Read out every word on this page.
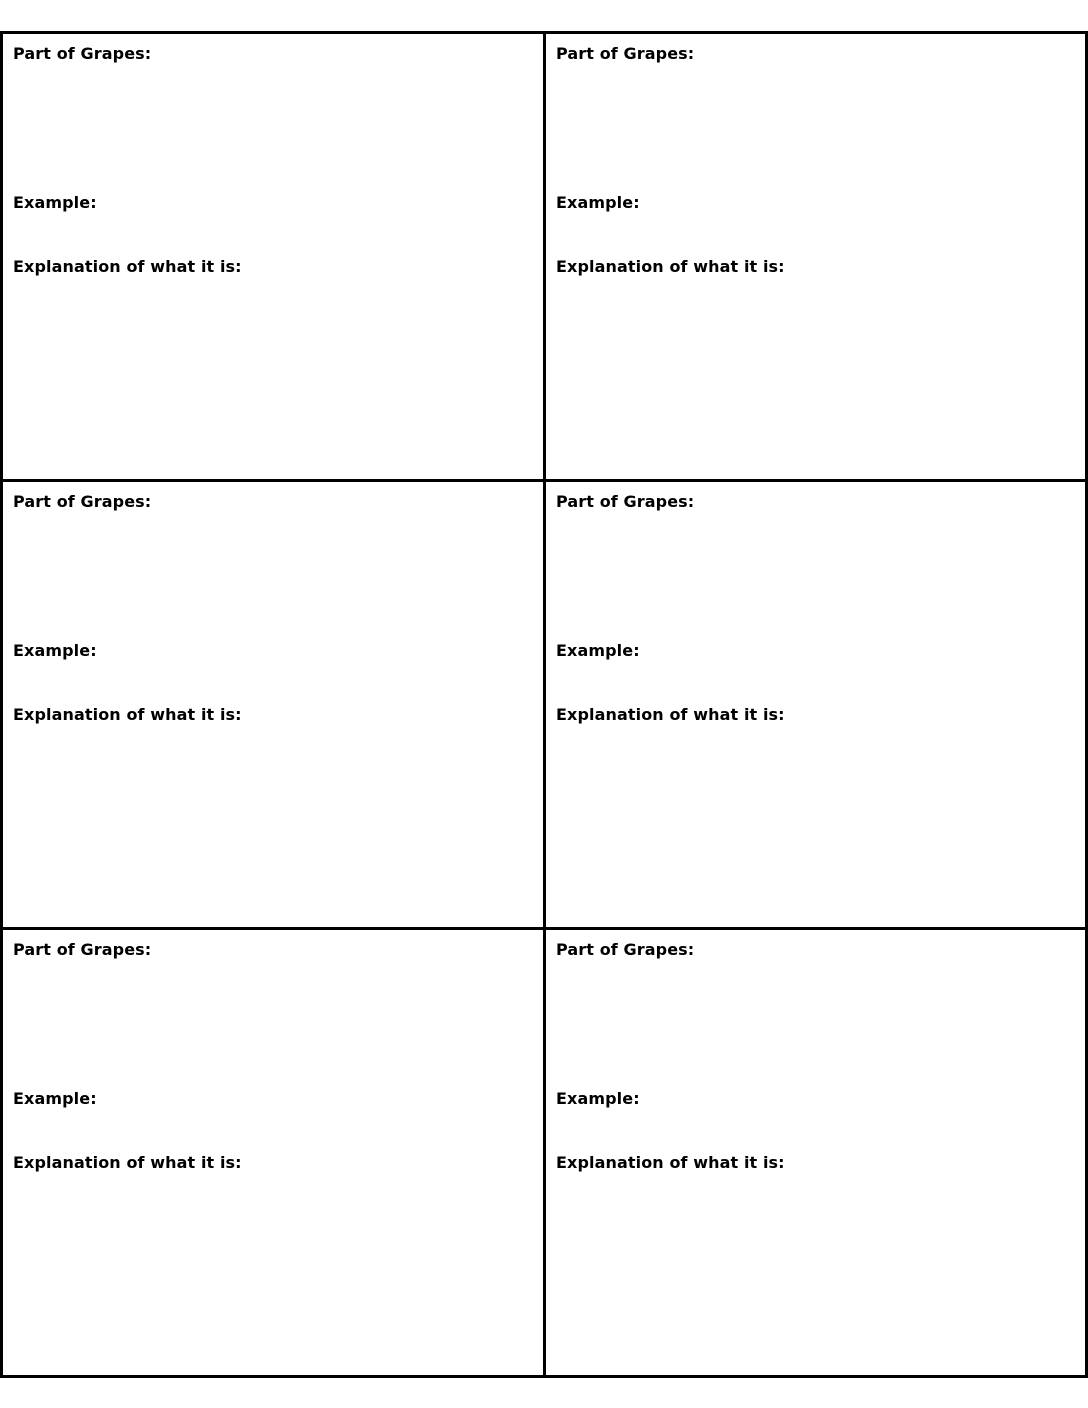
Part of Grapes:
Example:
Explanation of what it is:
Part of Grapes:
Example:
Explanation of what it is:
Part of Grapes:
Example:
Explanation of what it is:
Part of Grapes:
Example:
Explanation of what it is:
Part of Grapes:
Example:
Explanation of what it is:
Part of Grapes:
Example:
Explanation of what it is:
